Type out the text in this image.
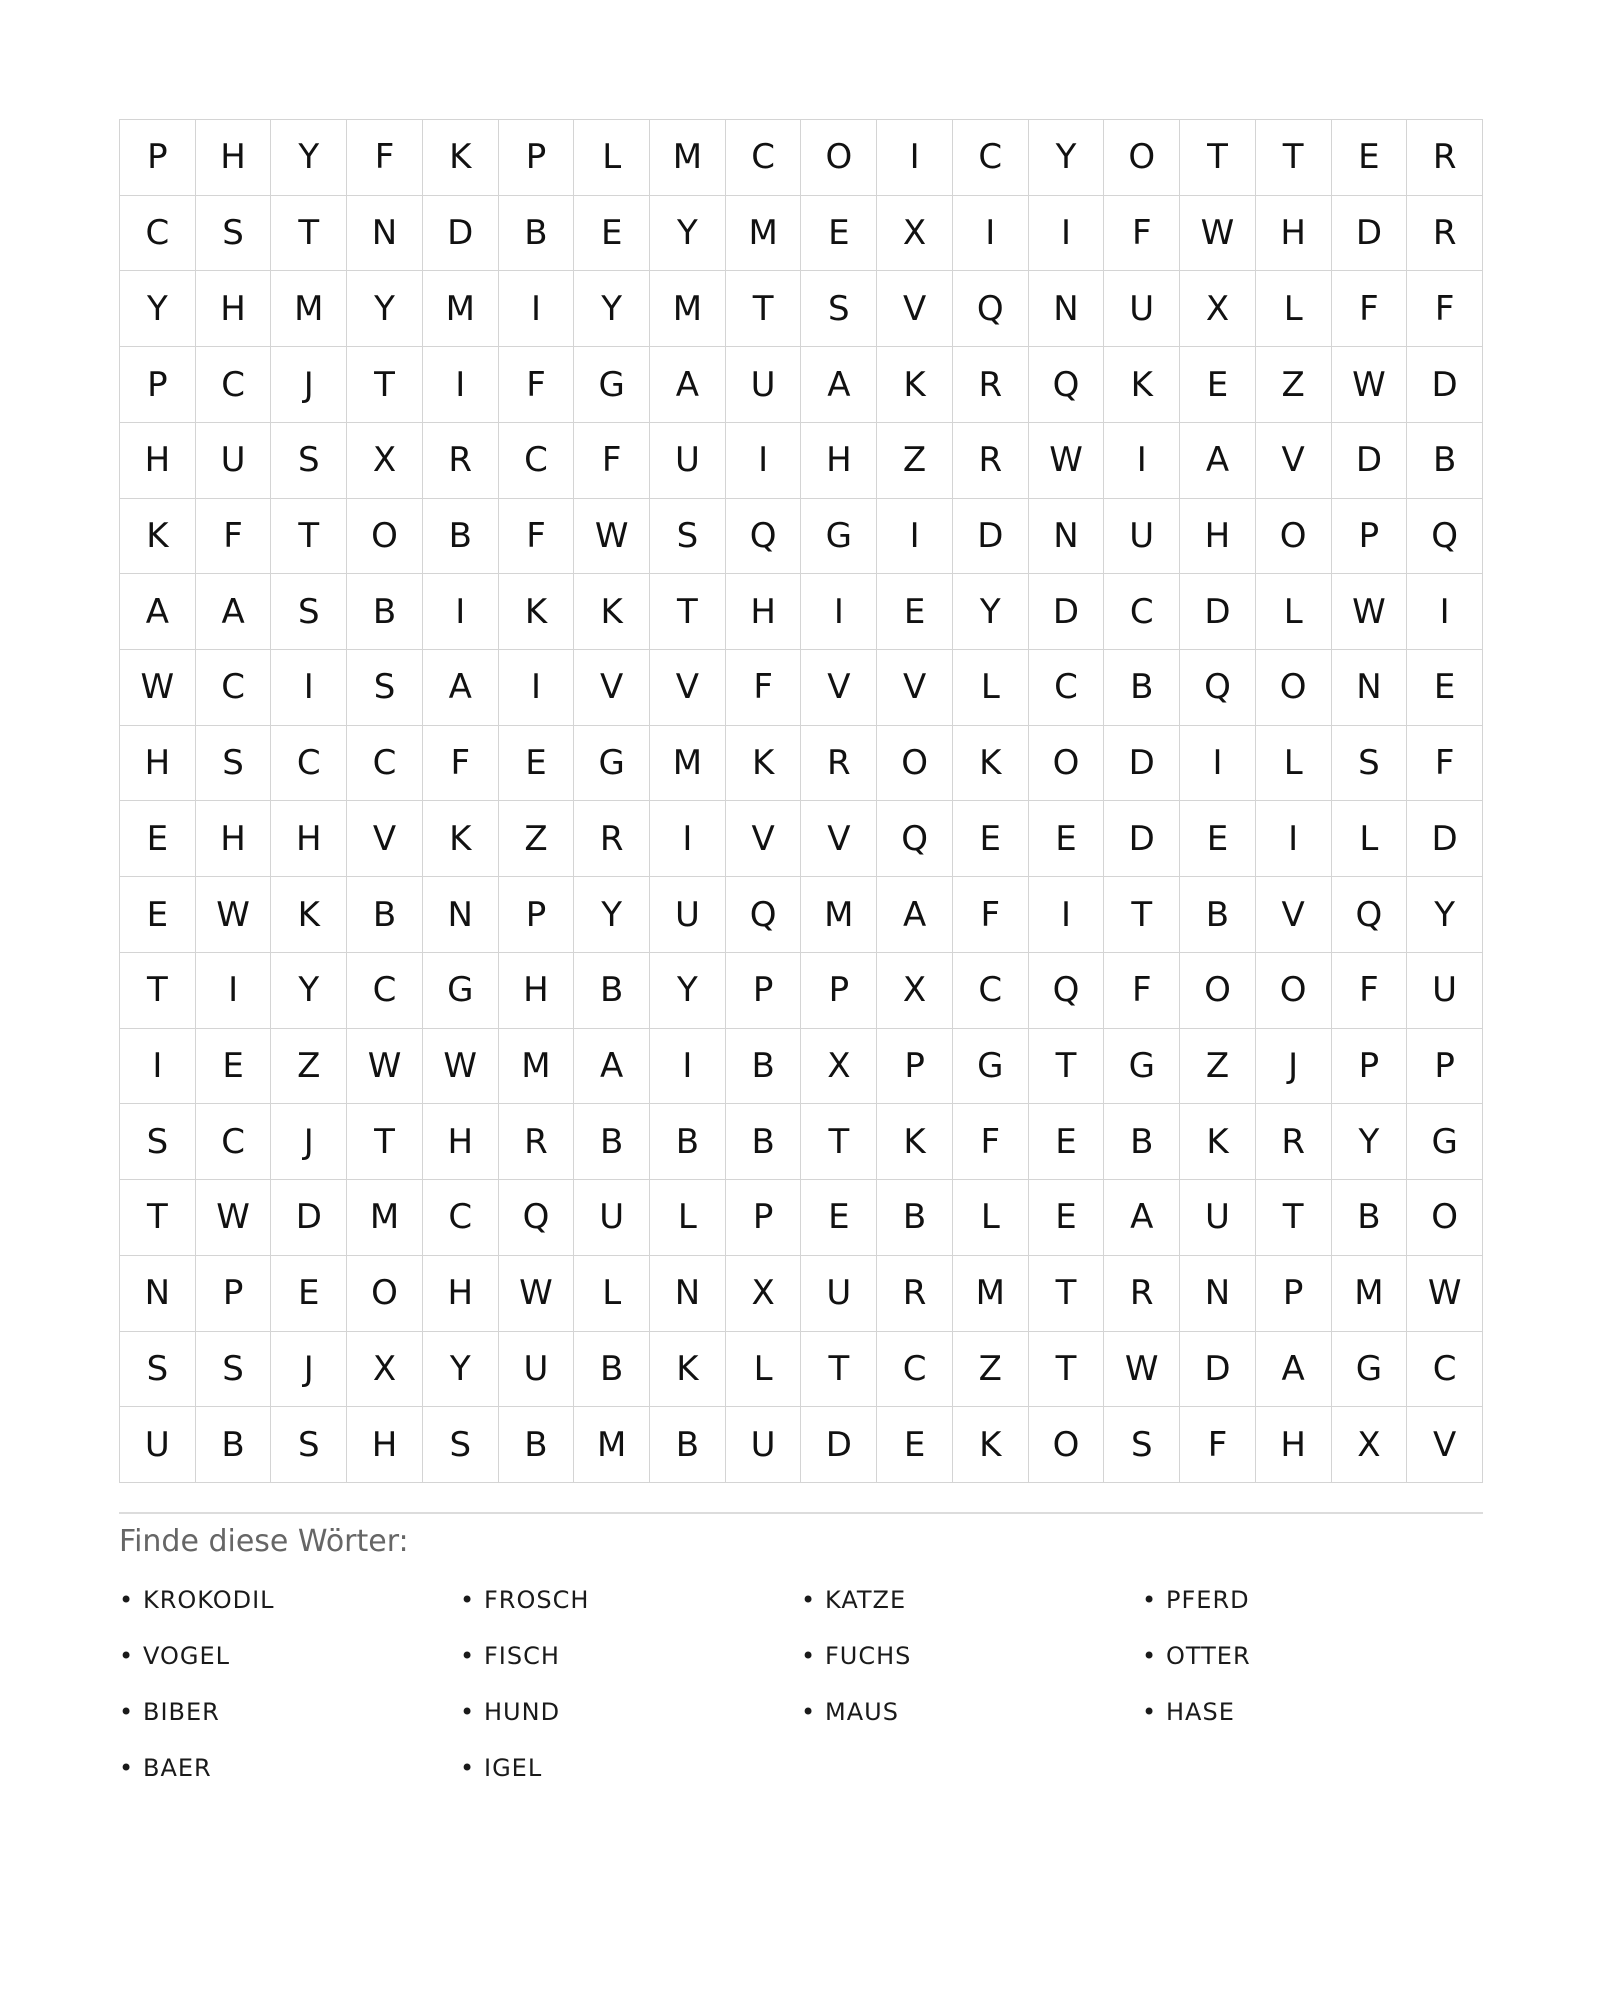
P	H	Y	F	K	P	L	M	C	O	I	C	Y	O	T	T	E	R
C	S	T	N	D	B	E	Y	M	E	X	I	I	F	W	H	D	R
Y	H	M	Y	M	I	Y	M	T	S	V	Q	N	U	X	L	F	F
P	C	J	T	I	F	G	A	U	A	K	R	Q	K	E	Z	W	D
H	U	S	X	R	C	F	U	I	H	Z	R	W	I	A	V	D	B
K	F	T	O	B	F	W	S	Q	G	I	D	N	U	H	O	P	Q
A	A	S	B	I	K	K	T	H	I	E	Y	D	C	D	L	W	I
W	C	I	S	A	I	V	V	F	V	V	L	C	B	Q	O	N	E
H	S	C	C	F	E	G	M	K	R	O	K	O	D	I	L	S	F
E	H	H	V	K	Z	R	I	V	V	Q	E	E	D	E	I	L	D
E	W	K	B	N	P	Y	U	Q	M	A	F	I	T	B	V	Q	Y
T	I	Y	C	G	H	B	Y	P	P	X	C	Q	F	O	O	F	U
I	E	Z	W	W	M	A	I	B	X	P	G	T	G	Z	J	P	P
S	C	J	T	H	R	B	B	B	T	K	F	E	B	K	R	Y	G
T	W	D	M	C	Q	U	L	P	E	B	L	E	A	U	T	B	O
N	P	E	O	H	W	L	N	X	U	R	M	T	R	N	P	M	W
S	S	J	X	Y	U	B	K	L	T	C	Z	T	W	D	A	G	C
U	B	S	H	S	B	M	B	U	D	E	K	O	S	F	H	X	V
Finde diese Wörter:
• KROKODIL	• FROSCH	• KATZE	• PFERD
• VOGEL	• FISCH	• FUCHS	• OTTER
• BIBER	• HUND	• MAUS	• HASE
• BAER	• IGEL
